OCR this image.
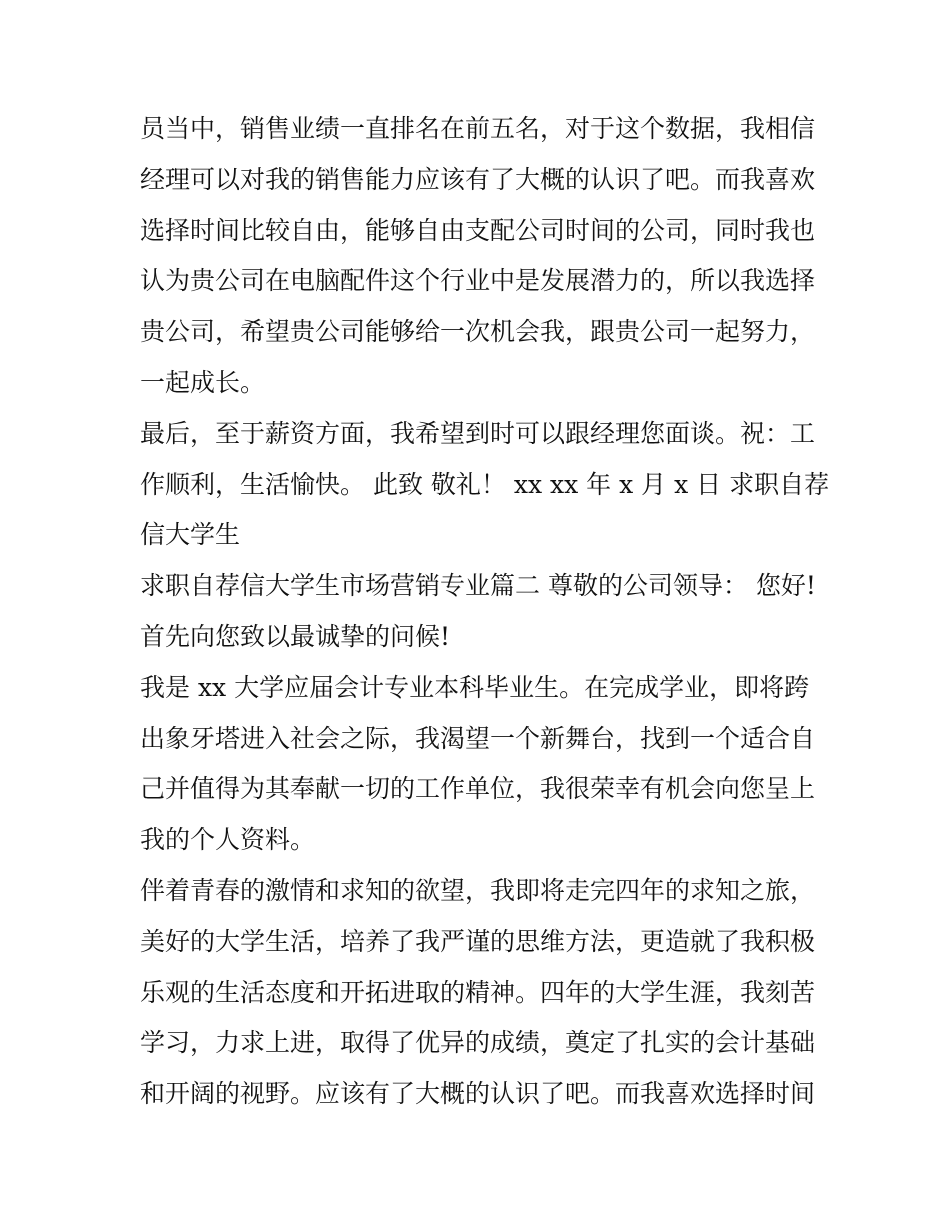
员当中，销售业绩一直排名在前五名，对于这个数据，我相信
经理可以对我的销售能力应该有了大概的认识了吧。而我喜欢
选择时间比较自由，能够自由支配公司时间的公司，同时我也
认为贵公司在电脑配件这个行业中是发展潜力的，所以我选择
贵公司，希望贵公司能够给一次机会我，跟贵公司一起努力，
一起成长。
最后，至于薪资方面，我希望到时可以跟经理您面谈。祝：工
作顺利，生活愉快。 此致 敬礼！ xx xx 年 x 月 x 日 求职自荐
信大学生
求职自荐信大学生市场营销专业篇二 尊敬的公司领导： 您好!
首先向您致以最诚挚的问候!
我是 xx 大学应届会计专业本科毕业生。在完成学业，即将跨
出象牙塔进入社会之际，我渴望一个新舞台，找到一个适合自
己并值得为其奉献一切的工作单位，我很荣幸有机会向您呈上
我的个人资料。
伴着青春的激情和求知的欲望，我即将走完四年的求知之旅，
美好的大学生活，培养了我严谨的思维方法，更造就了我积极
乐观的生活态度和开拓进取的精神。四年的大学生涯，我刻苦
学习，力求上进，取得了优异的成绩，奠定了扎实的会计基础
和开阔的视野。应该有了大概的认识了吧。而我喜欢选择时间
